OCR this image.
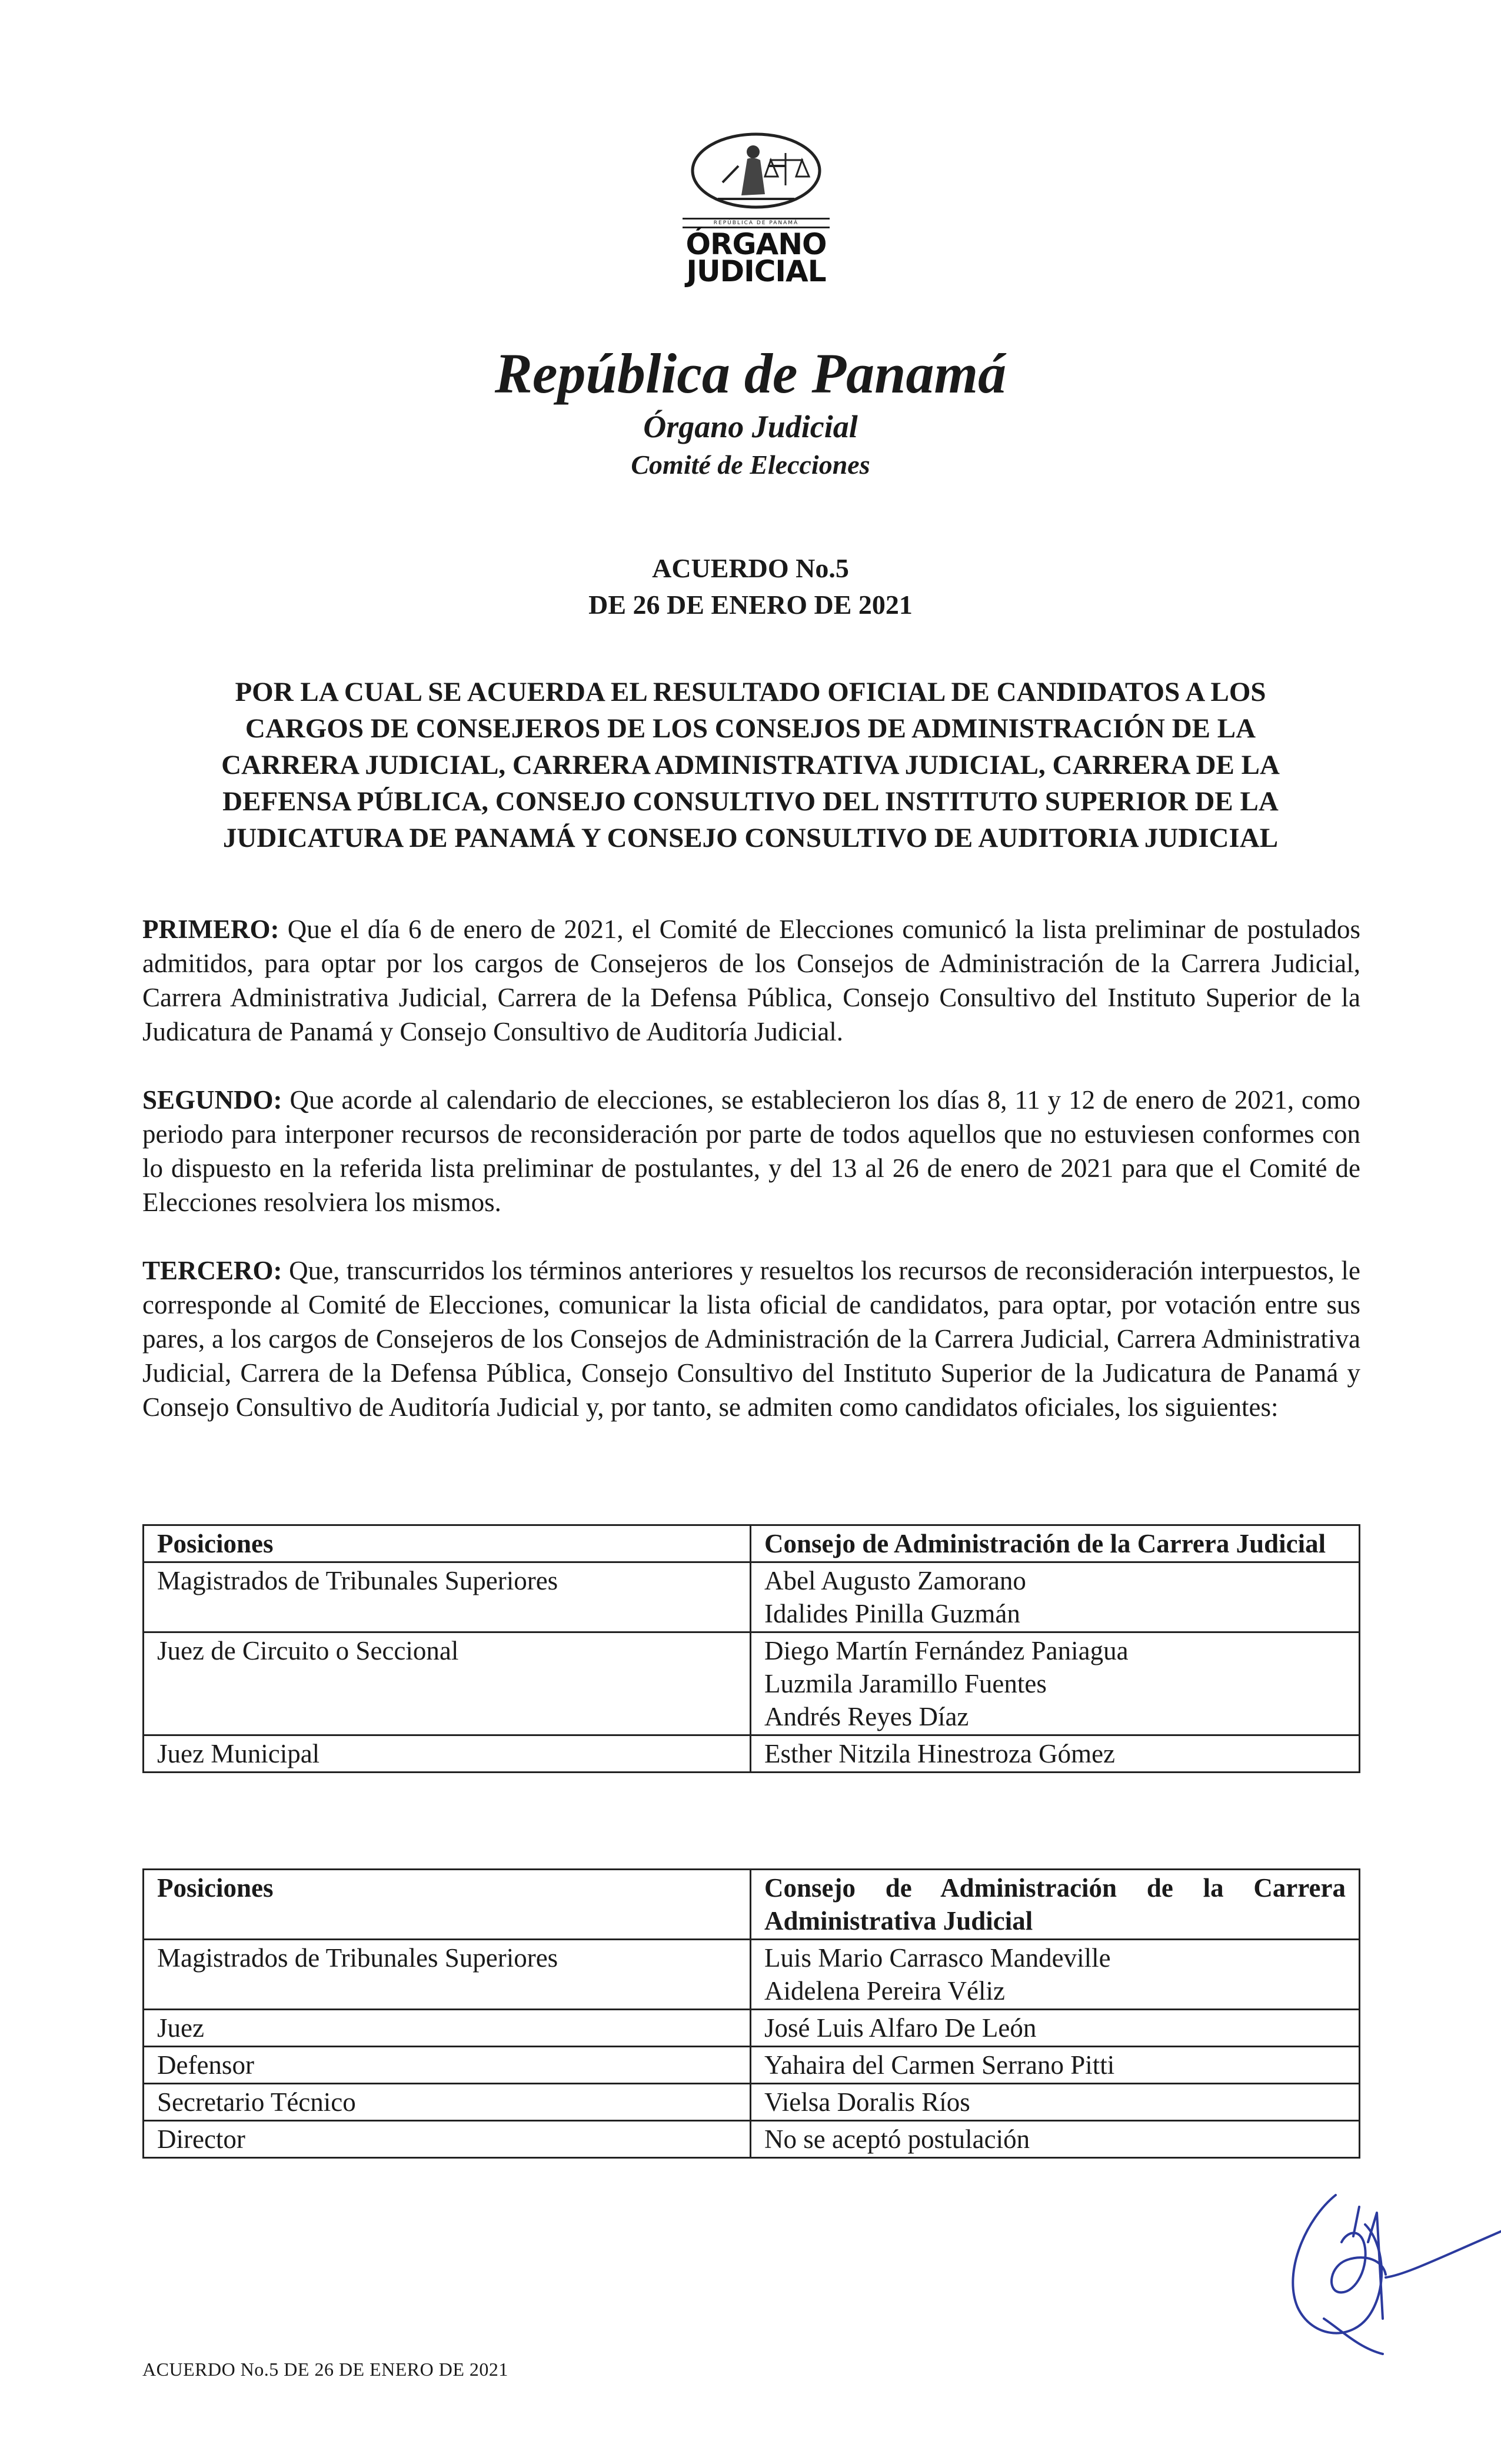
REPÚBLICA DE PANAMÁ
ÓRGANO
JUDICIAL
República de Panamá
Órgano Judicial
Comité de Elecciones
ACUERDO No.5
DE 26 DE ENERO DE 2021
POR LA CUAL SE ACUERDA EL RESULTADO OFICIAL DE CANDIDATOS A LOS CARGOS DE CONSEJEROS DE LOS CONSEJOS DE ADMINISTRACIÓN DE LA CARRERA JUDICIAL, CARRERA ADMINISTRATIVA JUDICIAL, CARRERA DE LA DEFENSA PÚBLICA, CONSEJO CONSULTIVO DEL INSTITUTO SUPERIOR DE LA JUDICATURA DE PANAMÁ Y CONSEJO CONSULTIVO DE AUDITORIA JUDICIAL
PRIMERO: Que el día 6 de enero de 2021, el Comité de Elecciones comunicó la lista preliminar de postulados admitidos, para optar por los cargos de Consejeros de los Consejos de Administración de la Carrera Judicial, Carrera Administrativa Judicial, Carrera de la Defensa Pública, Consejo Consultivo del Instituto Superior de la Judicatura de Panamá y Consejo Consultivo de Auditoría Judicial.
SEGUNDO: Que acorde al calendario de elecciones, se establecieron los días 8, 11 y 12 de enero de 2021, como periodo para interponer recursos de reconsideración por parte de todos aquellos que no estuviesen conformes con lo dispuesto en la referida lista preliminar de postulantes, y del 13 al 26 de enero de 2021 para que el Comité de Elecciones resolviera los mismos.
TERCERO: Que, transcurridos los términos anteriores y resueltos los recursos de reconsideración interpuestos, le corresponde al Comité de Elecciones, comunicar la lista oficial de candidatos, para optar, por votación entre sus pares, a los cargos de Consejeros de los Consejos de Administración de la Carrera Judicial, Carrera Administrativa Judicial, Carrera de la Defensa Pública, Consejo Consultivo del Instituto Superior de la Judicatura de Panamá y Consejo Consultivo de Auditoría Judicial y, por tanto, se admiten como candidatos oficiales, los siguientes:
Posiciones	Consejo de Administración de la Carrera Judicial
Magistrados de Tribunales Superiores	Abel Augusto Zamorano
Idalides Pinilla Guzmán

Juez de Circuito o Seccional	Diego Martín Fernández Paniagua
Luzmila Jaramillo Fuentes
Andrés Reyes Díaz

Juez Municipal	Esther Nitzila Hinestroza Gómez
Posiciones	Consejo de Administración de la Carrera Administrativa Judicial
Magistrados de Tribunales Superiores	Luis Mario Carrasco Mandeville
Aidelena Pereira Véliz

Juez	José Luis Alfaro De León

Defensor	Yahaira del Carmen Serrano Pitti

Secretario Técnico	Vielsa Doralis Ríos

Director	No se aceptó postulación
ACUERDO No.5 DE 26 DE ENERO DE 2021
